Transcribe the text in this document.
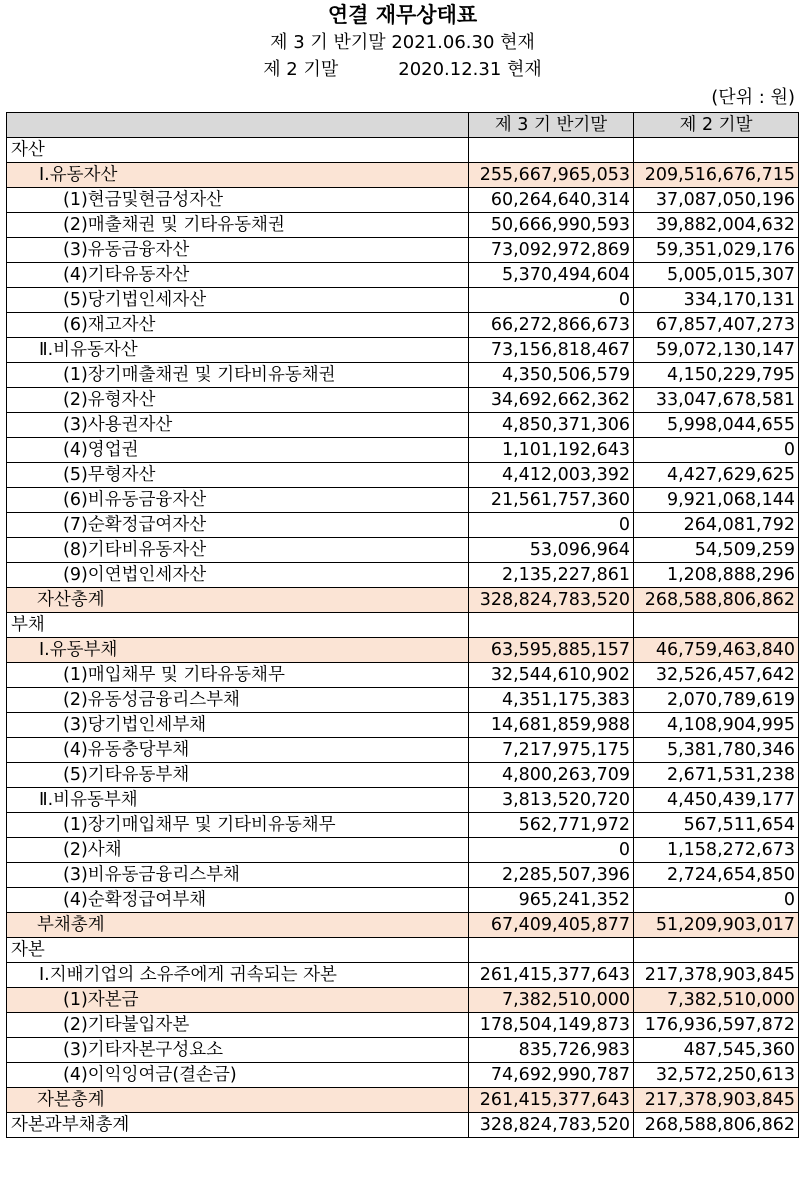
연결 재무상태표
제 3 기 반기말 2021.06.30 현재
제 2 기말	2020.12.31 현재
(단위 : 원)
	제 3 기 반기말	제 2 기말
자산		
Ⅰ.유동자산	255,667,965,053	209,516,676,715
(1)현금및현금성자산	60,264,640,314	37,087,050,196
(2)매출채권 및 기타유동채권	50,666,990,593	39,882,004,632
(3)유동금융자산	73,092,972,869	59,351,029,176
(4)기타유동자산	5,370,494,604	5,005,015,307
(5)당기법인세자산	0	334,170,131
(6)재고자산	66,272,866,673	67,857,407,273
Ⅱ.비유동자산	73,156,818,467	59,072,130,147
(1)장기매출채권 및 기타비유동채권	4,350,506,579	4,150,229,795
(2)유형자산	34,692,662,362	33,047,678,581
(3)사용권자산	4,850,371,306	5,998,044,655
(4)영업권	1,101,192,643	0
(5)무형자산	4,412,003,392	4,427,629,625
(6)비유동금융자산	21,561,757,360	9,921,068,144
(7)순확정급여자산	0	264,081,792
(8)기타비유동자산	53,096,964	54,509,259
(9)이연법인세자산	2,135,227,861	1,208,888,296
자산총계	328,824,783,520	268,588,806,862
부채		
Ⅰ.유동부채	63,595,885,157	46,759,463,840
(1)매입채무 및 기타유동채무	32,544,610,902	32,526,457,642
(2)유동성금융리스부채	4,351,175,383	2,070,789,619
(3)당기법인세부채	14,681,859,988	4,108,904,995
(4)유동충당부채	7,217,975,175	5,381,780,346
(5)기타유동부채	4,800,263,709	2,671,531,238
Ⅱ.비유동부채	3,813,520,720	4,450,439,177
(1)장기매입채무 및 기타비유동채무	562,771,972	567,511,654
(2)사채	0	1,158,272,673
(3)비유동금융리스부채	2,285,507,396	2,724,654,850
(4)순확정급여부채	965,241,352	0
부채총계	67,409,405,877	51,209,903,017
자본		
Ⅰ.지배기업의 소유주에게 귀속되는 자본	261,415,377,643	217,378,903,845
(1)자본금	7,382,510,000	7,382,510,000
(2)기타불입자본	178,504,149,873	176,936,597,872
(3)기타자본구성요소	835,726,983	487,545,360
(4)이익잉여금(결손금)	74,692,990,787	32,572,250,613
자본총계	261,415,377,643	217,378,903,845
자본과부채총계	328,824,783,520	268,588,806,862
